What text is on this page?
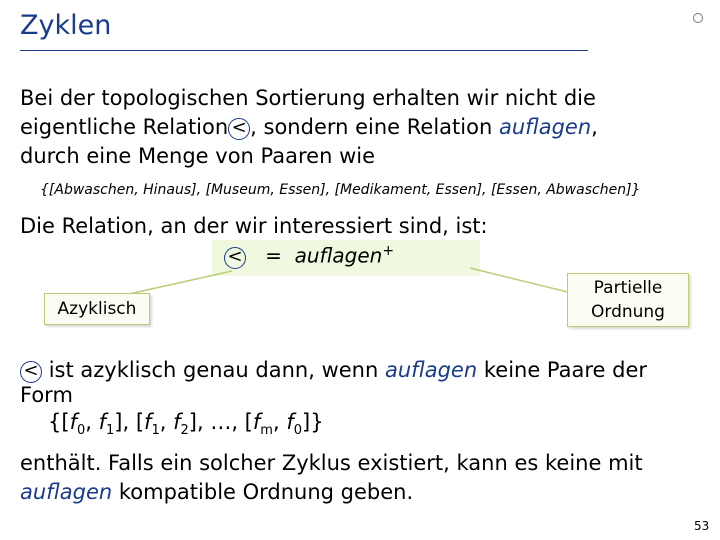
Zyklen
Bei der topologischen Sortierung erhalten wir nicht die
eigentliche Relation < , sondern eine Relation auflagen,
durch eine Menge von Paaren wie
{[Abwaschen, Hinaus], [Museum, Essen], [Medikament, Essen], [Essen, Abwaschen]}
Die Relation, an der wir interessiert sind, ist:
< = auflagen+
Azyklisch
Partielle
Ordnung
< ist azyklisch genau dann, wenn auflagen keine Paare der
Form
{[$f_0$, $f_1$], [$f_1$, $f_2$], …, [$f_m$, $f_0$]}
enthält. Falls ein solcher Zyklus existiert, kann es keine mit
auflagen kompatible Ordnung geben.
53
